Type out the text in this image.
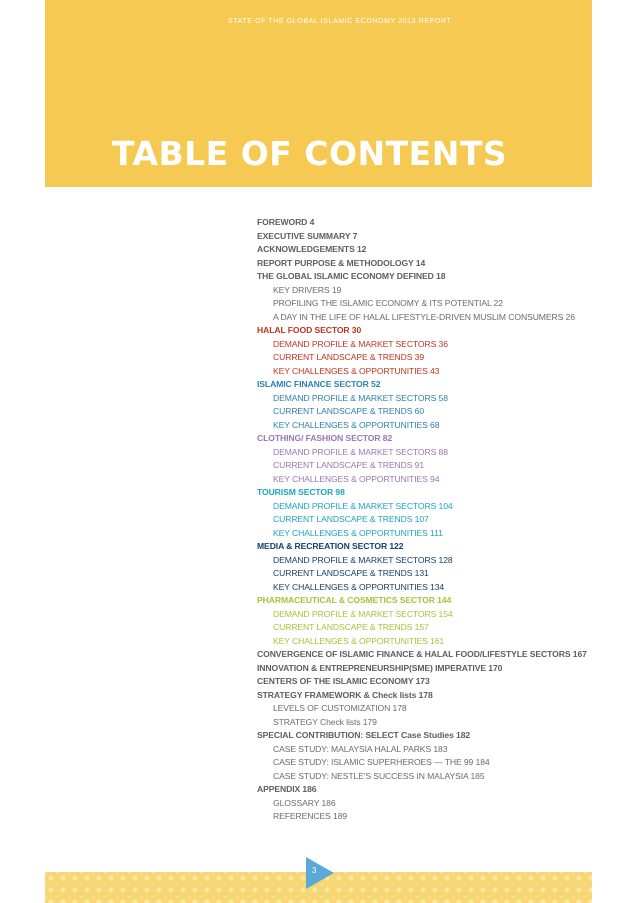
STATE OF THE GLOBAL ISLAMIC ECONOMY 2013 REPORT
TABLE OF CONTENTS
FOREWORD 4
EXECUTIVE SUMMARY 7
ACKNOWLEDGEMENTS 12
REPORT PURPOSE & METHODOLOGY 14
THE GLOBAL ISLAMIC ECONOMY DEFINED 18
KEY DRIVERS 19
PROFILING THE ISLAMIC ECONOMY & ITS POTENTIAL 22
A DAY IN THE LIFE OF HALAL LIFESTYLE-DRIVEN MUSLIM CONSUMERS 26
HALAL FOOD SECTOR 30
DEMAND PROFILE & MARKET SECTORS 36
CURRENT LANDSCAPE & TRENDS 39
KEY CHALLENGES & OPPORTUNITIES 43
ISLAMIC FINANCE SECTOR 52
DEMAND PROFILE & MARKET SECTORS 58
CURRENT LANDSCAPE & TRENDS 60
KEY CHALLENGES & OPPORTUNITIES 68
CLOTHING/ FASHION SECTOR 82
DEMAND PROFILE & MARKET SECTORS 88
CURRENT LANDSCAPE & TRENDS 91
KEY CHALLENGES & OPPORTUNITIES 94
TOURISM SECTOR 98
DEMAND PROFILE & MARKET SECTORS 104
CURRENT LANDSCAPE & TRENDS 107
KEY CHALLENGES & OPPORTUNITIES 111
MEDIA & RECREATION SECTOR 122
DEMAND PROFILE & MARKET SECTORS 128
CURRENT LANDSCAPE & TRENDS 131
KEY CHALLENGES & OPPORTUNITIES 134
PHARMACEUTICAL & COSMETICS SECTOR 144
DEMAND PROFILE & MARKET SECTORS 154
CURRENT LANDSCAPE & TRENDS 157
KEY CHALLENGES & OPPORTUNITIES 161
CONVERGENCE OF ISLAMIC FINANCE & HALAL FOOD/LIFESTYLE SECTORS 167
INNOVATION & ENTREPRENEURSHIP(SME) IMPERATIVE 170
CENTERS OF THE ISLAMIC ECONOMY 173
STRATEGY FRAMEWORK & Check lists 178
LEVELS OF CUSTOMIZATION 178
STRATEGY Check lists 179
SPECIAL CONTRIBUTION: SELECT Case Studies 182
CASE STUDY: MALAYSIA HALAL PARKS 183
CASE STUDY: ISLAMIC SUPERHEROES — THE 99 184
CASE STUDY: NESTLE'S SUCCESS IN MALAYSIA 185
APPENDIX 186
GLOSSARY 186
REFERENCES 189
3
